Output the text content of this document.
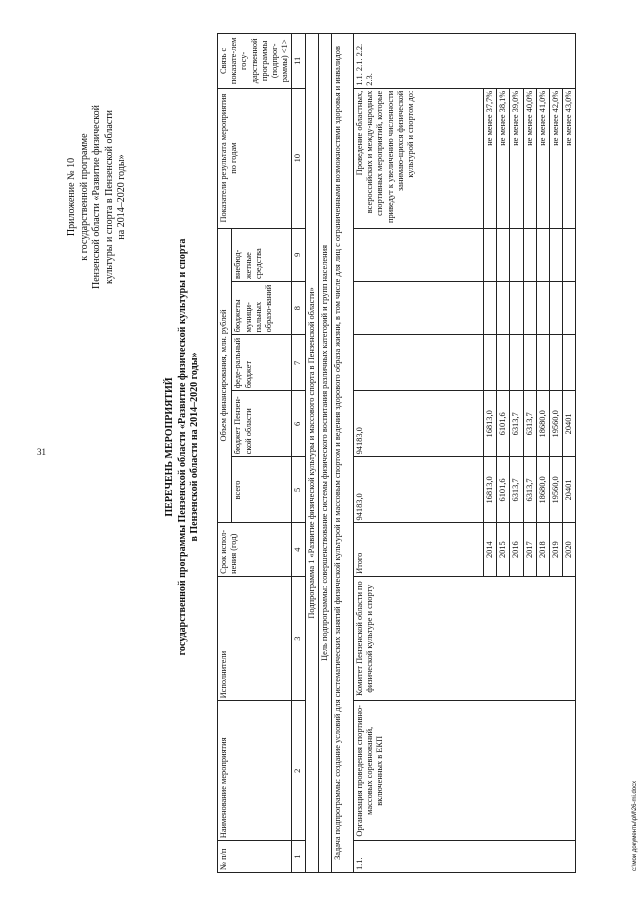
31
Приложение № 10 к государственной программе Пензенской области «Развитие физической культуры и спорта в Пензенской области на 2014–2020 годы»
ПЕРЕЧЕНЬ МЕРОПРИЯТИЙ государственной программы Пензенской области «Развитие физической культуры и спорта в Пензенской области на 2014–2020 годы»
№ п/п	Наименование мероприятия	Исполнители	Срок испол-нения (год)	Объем финансирования, млн. рублей					Показатели результата мероприятия по годам	Связь с показате-лем госу-дарственной программы (подпрог-раммы) <1>
				всего	бюджет Пензен-ской области	феде-ральный бюджет	бюджеты муници-пальных образо-ваний	внебюд-жетные средства		
1	2	3	4	5	6	7	8	9	10	11
Подпрограмма 1 «Развитие физической культуры и массового спорта в Пензенской области»										
Цель подпрограммы: совершенствование системы физического воспитания различных категорий и групп населения										
Задача подпрограммы: создание условий для систематических занятий физической культурой и массовым спортом и ведения здорового образа жизни, в том числе для лиц с ограниченными возможностями здоровья и инвалидов										
1.1.	Организация проведения спортивно-массовых соревнований, включенных в ЕКП	Комитет Пензенской области по физической культуре и спорту	Итого	94183,0	94183,0				Проведение областных, всероссийских и между-народных спортивных мероприятий, которые приведут к увеличению численности занимаю-щихся физической культурой и спортом до:	1.1. 2.1. 2.2. 2.3.
			2014	16813,0	16813,0				не менее 37,7%	
			2015	6101,6	6101,6				не менее 38,1%	
			2016	6313,7	6313,7				не менее 39,0%	
			2017	6313,7	6313,7				не менее 40,0%	
			2018	18680,0	18680,0				не менее 41,0%	
			2019	19560,0	19560,0				не менее 42,0%	
			2020	20401	20401				не менее 43,0%	
c:\мои документы\pM\26-mi.docx
